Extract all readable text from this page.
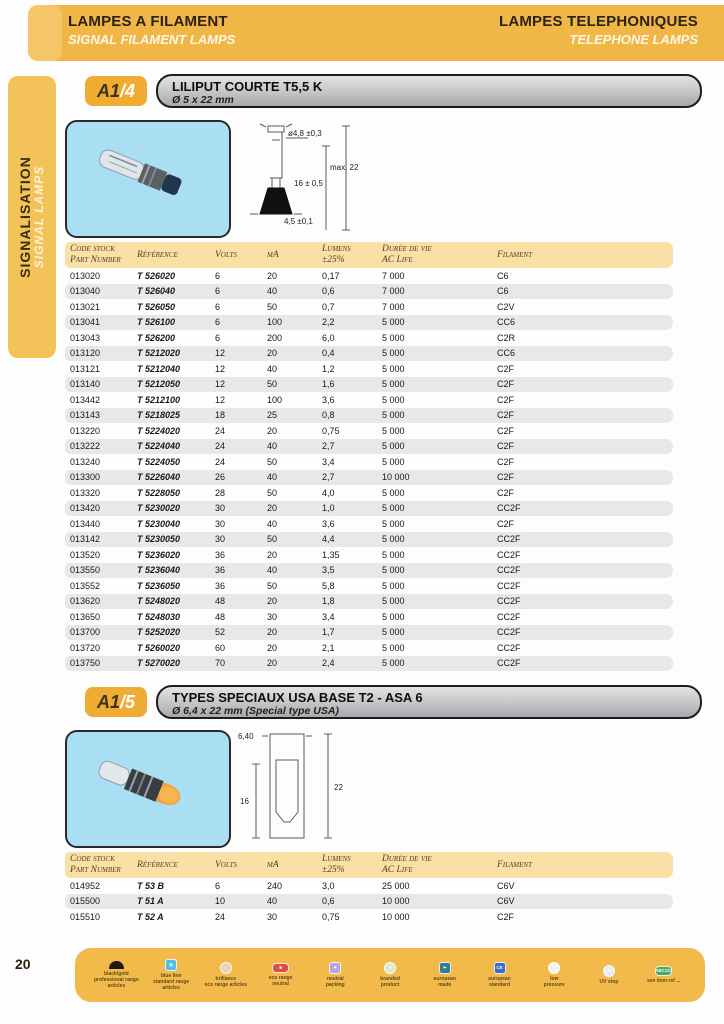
LAMPES A FILAMENT
SIGNAL FILAMENT LAMPS
LAMPES TELEPHONIQUES
TELEPHONE LAMPS
SIGNALISATION SIGNAL LAMPS
A1 /4	LILIPUT COURTE T5,5 K
Ø 5 x 22 mm
ø4,8 ±0,3
max. 22
16 ± 0,5
4,5 ±0,1
Code stock
Part Number

Référence	Volts	mA

Lumens
±25%

Durée de vie
AC Life

Filament

013020	T 526020	6	20	0,17	7 000	C6
013040	T 526040	6	40	0,6	7 000	C6
013021	T 526050	6	50	0,7	7 000	C2V
013041	T 526100	6	100	2,2	5 000	CC6
013043	T 526200	6	200	6,0	5 000	C2R
013120	T 5212020	12	20	0,4	5 000	CC6
013121	T 5212040	12	40	1,2	5 000	C2F
013140	T 5212050	12	50	1,6	5 000	C2F
013442	T 5212100	12	100	3,6	5 000	C2F
013143	T 5218025	18	25	0,8	5 000	C2F
013220	T 5224020	24	20	0,75	5 000	C2F
013222	T 5224040	24	40	2,7	5 000	C2F
013240	T 5224050	24	50	3,4	5 000	C2F
013300	T 5226040	26	40	2,7	10 000	C2F
013320	T 5228050	28	50	4,0	5 000	C2F
013420	T 5230020	30	20	1,0	5 000	CC2F
013440	T 5230040	30	40	3,6	5 000	C2F
013142	T 5230050	30	50	4,4	5 000	CC2F
013520	T 5236020	36	20	1,35	5 000	CC2F
013550	T 5236040	36	40	3,5	5 000	CC2F
013552	T 5236050	36	50	5,8	5 000	CC2F
013620	T 5248020	48	20	1,8	5 000	CC2F
013650	T 5248030	48	30	3,4	5 000	CC2F
013700	T 5252020	52	20	1,7	5 000	CC2F
013720	T 5260020	60	20	2,1	5 000	CC2F
013750	T 5270020	70	20	2,4	5 000	CC2F
A1 /5	TYPES SPECIAUX USA BASE T2 - ASA 6
Ø 6,4 x 22 mm (Special type USA)
6,40
22
16
Code stock
Part Number

Référence	Volts	mA

Lumens
±25%

Durée de vie
AC Life

Filament

014952	T 53 B	6	240	3,0	25 000	C6V
015500	T 51 A	10	40	0,6	10 000	C6V
015510	T 52 A	24	30	0,75	10 000	C2F
20
black/gold
professional range articles
◎
blue line
standard range articles
○
brillance
eco range articles
■
eco range
neutral
✦
neutral
packing
●
branded
product
❧
european
made
CE
european
standard
low
pressure
UV
UV stop
ABC123
see item ref ...
